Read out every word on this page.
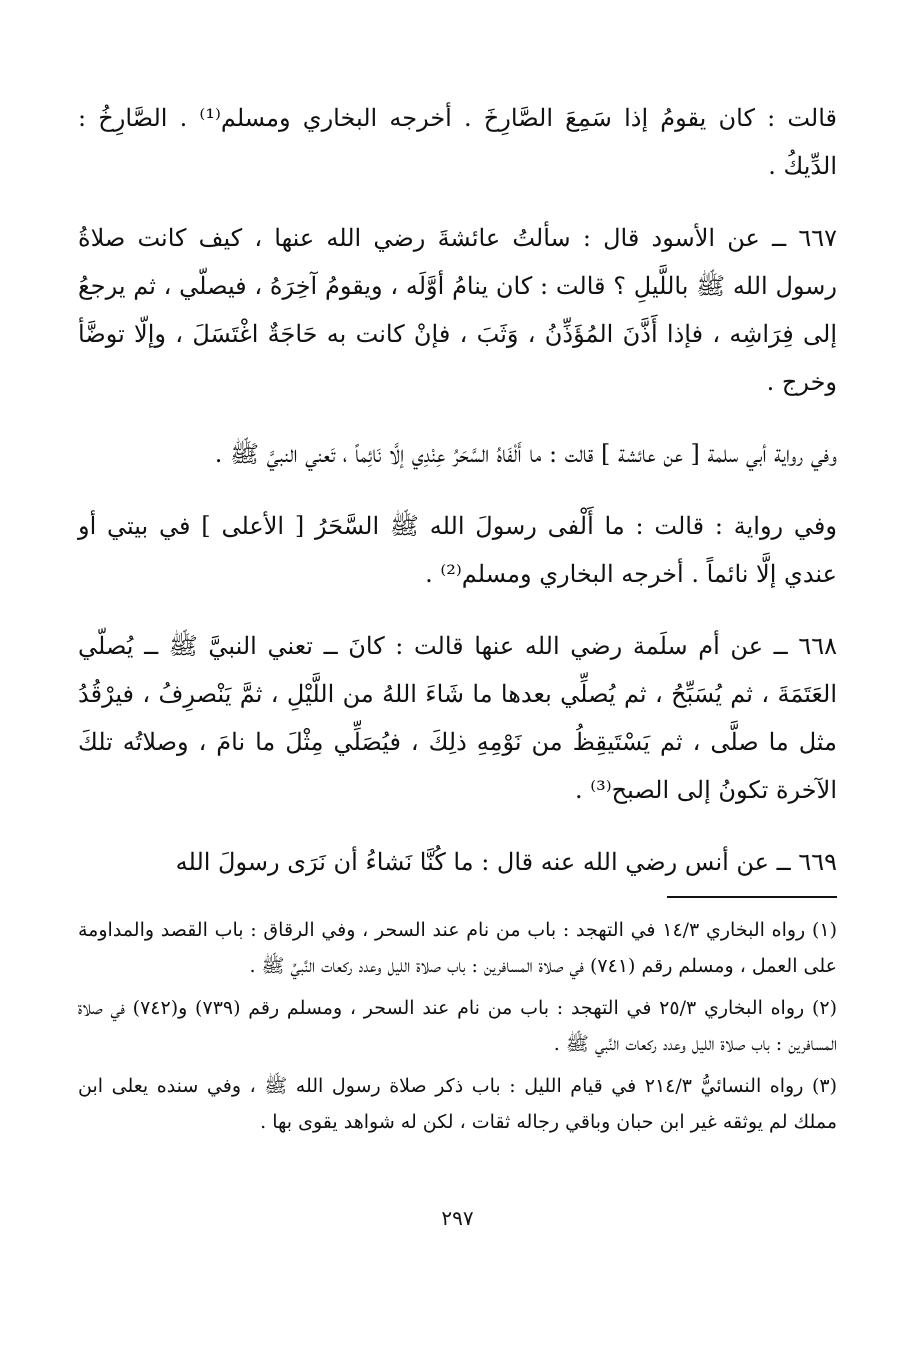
قالت : كان يقومُ إذا سَمِعَ الصَّارِخَ . أخرجه البخاري ومسلم⁽¹⁾ . الصَّارِخُ : الدِّيكُ .

٦٦٧ ــ عن الأسود قال : سألتُ عائشةَ رضي الله عنها ، كيف كانت صلاةُ رسول الله ﷺ باللَّيلِ ؟ قالت : كان ينامُ أوَّلَه ، ويقومُ آخِرَهُ ، فيصلّي ، ثم يرجعُ إلى فِرَاشِه ، فإذا أَذَّنَ المُؤَذِّنُ ، وَثَبَ ، فإنْ كانت به حَاجَةٌ اغْتَسَلَ ، وإلّا توضَّأ وخرج .

وفي رواية أبي سلمة [ عن عائشة ] قالت : ما أَلْفَاهُ السَّحَرُ عِنْدِي إلَّا نَائِماً ، تَعني النبيَّ ﷺ .

وفي رواية : قالت : ما أَلْفى رسولَ الله ﷺ السَّحَرُ [ الأعلى ] في بيتي أو عندي إلَّا نائماً . أخرجه البخاري ومسلم⁽²⁾ .

٦٦٨ ــ عن أم سلَمة رضي الله عنها قالت : كانَ ــ تعني النبيَّ ﷺ ــ يُصلّي العَتَمَةَ ، ثم يُسَبِّحُ ، ثم يُصلِّي بعدها ما شَاءَ اللهُ من اللَّيْلِ ، ثمَّ يَنْصرِفُ ، فيرْقُدُ مثل ما صلَّى ، ثم يَسْتَيقِظُ من نَوْمِهِ ذلِكَ ، فيُصَلِّي مِثْلَ ما نامَ ، وصلاتُه تلكَ الآخرة تكونُ إلى الصبح⁽³⁾ .

٦٦٩ ــ عن أنس رضي الله عنه قال : ما كُنَّا نَشاءُ أن نَرَى رسولَ الله

(١) رواه البخاري ١٤/٣ في التهجد : باب من نام عند السحر ، وفي الرقاق : باب القصد والمداومة على العمل ، ومسلم رقم (٧٤١) في صلاة المسافرين : باب صلاة الليل وعدد ركعات النَّبيِّ ﷺ .

(٢) رواه البخاري ٢٥/٣ في التهجد : باب من نام عند السحر ، ومسلم رقم (٧٣٩) و(٧٤٢) في صلاة المسافرين : باب صلاة الليل وعدد ركعات النَّبي ﷺ .

(٣) رواه النسائيُّ ٢١٤/٣ في قيام الليل : باب ذكر صلاة رسول الله ﷺ ، وفي سنده يعلى ابن مملك لم يوثقه غير ابن حبان وباقي رجاله ثقات ، لكن له شواهد يقوى بها .

٢٩٧
